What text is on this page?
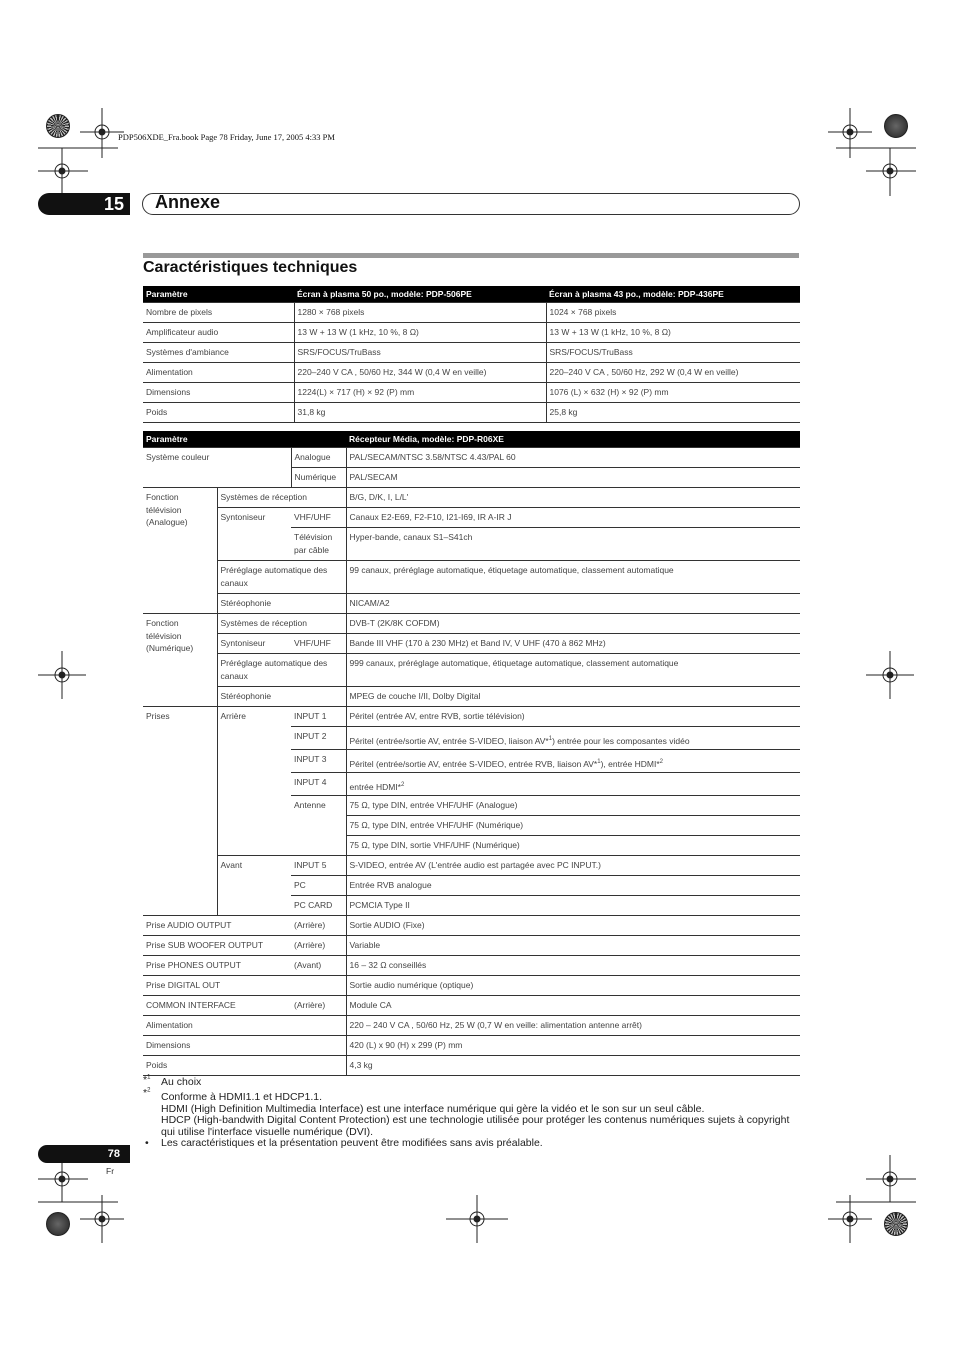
PDP506XDE_Fra.book Page 78 Friday, June 17, 2005 4:33 PM
15	Annexe
Caractéristiques techniques
Paramètre	Écran à plasma 50 po., modèle: PDP-506PE	Écran à plasma 43 po., modèle: PDP-436PE
Nombre de pixels	1280 × 768 pixels	1024 × 768 pixels
Amplificateur audio	13 W + 13 W (1 kHz, 10 %, 8 Ω)	13 W + 13 W (1 kHz, 10 %, 8 Ω)
Systèmes d'ambiance	SRS/FOCUS/TruBass	SRS/FOCUS/TruBass
Alimentation	220–240 V CA , 50/60 Hz, 344 W (0,4 W en veille)	220–240 V CA , 50/60 Hz, 292 W (0,4 W en veille)
Dimensions	1224(L) × 717 (H) × 92 (P) mm	1076 (L) × 632 (H) × 92 (P) mm
Poids	31,8 kg	25,8 kg
Paramètre			Récepteur Média, modèle: PDP-R06XE
Système couleur		Analogue	PAL/SECAM/NTSC 3.58/NTSC 4.43/PAL 60
		Numérique	PAL/SECAM
Fonction télévision (Analogue)	Systèmes de réception		B/G, D/K, I, L/L'
	Syntoniseur	VHF/UHF	Canaux E2-E69, F2-F10, I21-I69, IR A-IR J
		Télévision par câble	Hyper-bande, canaux S1–S41ch
	Préréglage automatique des canaux		99 canaux, préréglage automatique, étiquetage automatique, classement automatique
	Stéréophonie		NICAM/A2
Fonction télévision (Numérique)	Systèmes de réception		DVB-T (2K/8K COFDM)
	Syntoniseur	VHF/UHF	Bande III VHF (170 à 230 MHz) et Band IV, V UHF (470 à 862 MHz)
	Préréglage automatique des canaux		999 canaux, préréglage automatique, étiquetage automatique, classement automatique
	Stéréophonie		MPEG de couche I/II, Dolby Digital
Prises	Arrière	INPUT 1	Péritel (entrée AV, entre RVB, sortie télévision)
		INPUT 2	Péritel (entrée/sortie AV, entrée S-VIDEO, liaison AV*$^1$) entrée pour les composantes vidéo
		INPUT 3	Péritel (entrée/sortie AV, entrée S-VIDEO, entrée RVB, liaison AV*$^1$), entrée HDMI*$^2$
		INPUT 4	entrée HDMI*$^2$
		Antenne	75 Ω, type DIN, entrée VHF/UHF (Analogue)
			75 Ω, type DIN, entrée VHF/UHF (Numérique)
			75 Ω, type DIN, sortie VHF/UHF (Numérique)
	Avant	INPUT 5	S-VIDEO, entrée AV (L'entrée audio est partagée avec PC INPUT.)
		PC	Entrée RVB analogue
		PC CARD	PCMCIA Type II
Prise AUDIO OUTPUT		(Arrière)	Sortie AUDIO (Fixe)
Prise SUB WOOFER OUTPUT		(Arrière)	Variable
Prise PHONES OUTPUT		(Avant)	16 – 32 Ω conseillés
Prise DIGITAL OUT			Sortie audio numérique (optique)
COMMON INTERFACE		(Arrière)	Module CA
Alimentation			220 – 240 V CA , 50/60 Hz, 25 W (0,7 W en veille: alimentation antenne arrêt)
Dimensions			420 (L) x 90 (H) x 299 (P) mm
Poids			4,3 kg
*$^1$ Au choix
*$^2$
Conforme à HDMI1.1 et HDCP1.1.
HDMI (High Definition Multimedia Interface) est une interface numérique qui gère la vidéo et le son sur un seul câble.
HDCP (High-bandwith Digital Content Protection) est une technologie utilisée pour protéger les contenus numériques sujets à copyright qui utilise l'interface visuelle numérique (DVI).
• Les caractéristiques et la présentation peuvent être modifiées sans avis préalable.
78
Fr
